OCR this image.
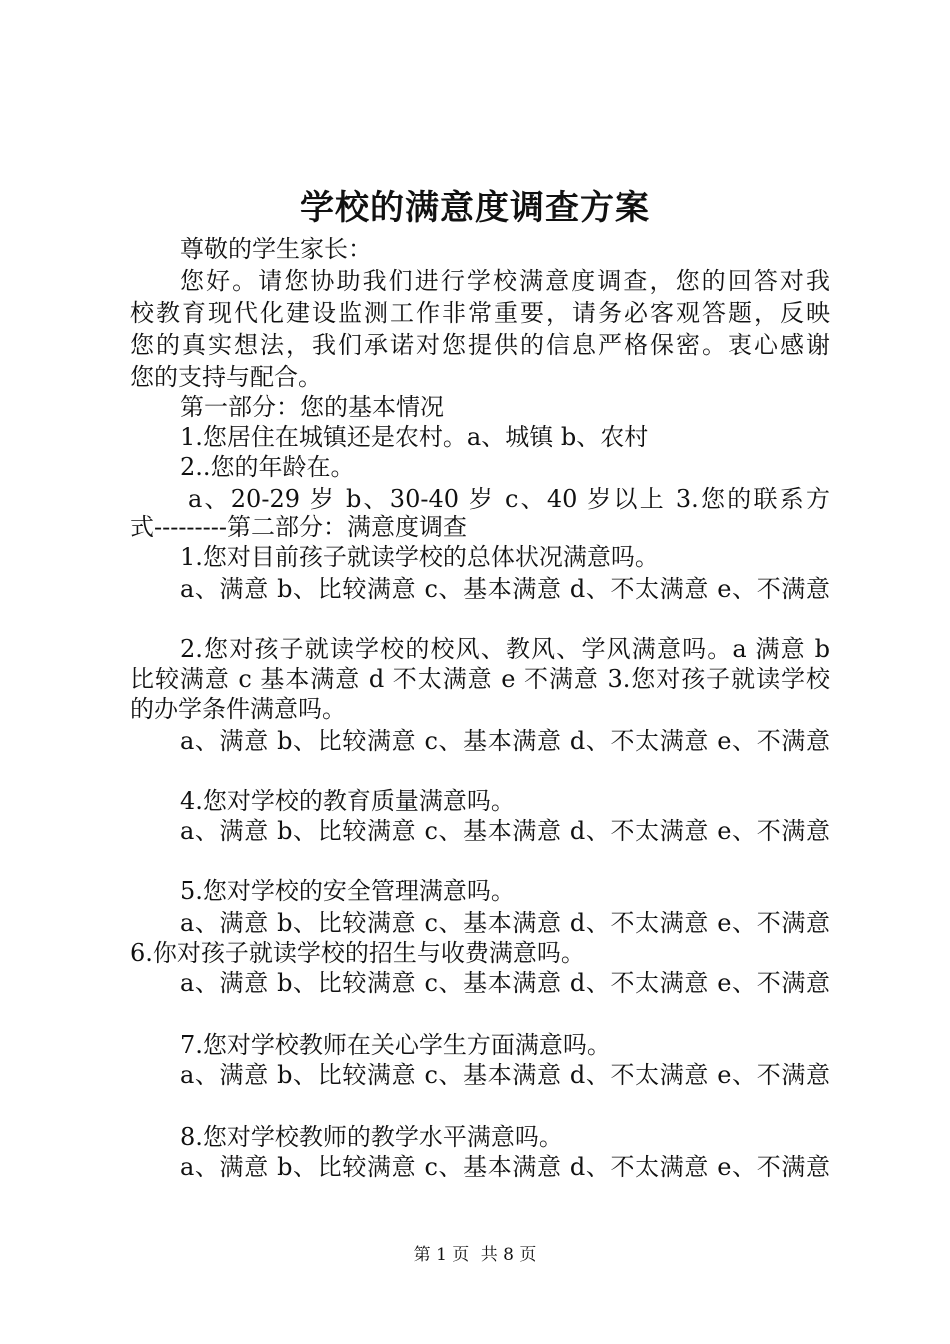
学校的满意度调查方案
尊敬的学生家长：
您好。请您协助我们进行学校满意度调查，您的回答对我
校教育现代化建设监测工作非常重要，请务必客观答题，反映
您的真实想法，我们承诺对您提供的信息严格保密。衷心感谢
您的支持与配合。
第一部分：您的基本情况
1.您居住在城镇还是农村。a、城镇 b、农村
2..您的年龄在。
a、20-29 岁 b、30-40 岁 c、40 岁以上 3.您的联系方
式---------第二部分：满意度调查
1.您对目前孩子就读学校的总体状况满意吗。
a、满意 b、比较满意 c、基本满意 d、不太满意 e、不满意
2.您对孩子就读学校的校风、教风、学风满意吗。a 满意 b
比较满意 c 基本满意 d 不太满意 e 不满意 3.您对孩子就读学校
的办学条件满意吗。
a、满意 b、比较满意 c、基本满意 d、不太满意 e、不满意
4.您对学校的教育质量满意吗。
a、满意 b、比较满意 c、基本满意 d、不太满意 e、不满意
5.您对学校的安全管理满意吗。
a、满意 b、比较满意 c、基本满意 d、不太满意 e、不满意
6.你对孩子就读学校的招生与收费满意吗。
a、满意 b、比较满意 c、基本满意 d、不太满意 e、不满意
7.您对学校教师在关心学生方面满意吗。
a、满意 b、比较满意 c、基本满意 d、不太满意 e、不满意
8.您对学校教师的教学水平满意吗。
a、满意 b、比较满意 c、基本满意 d、不太满意 e、不满意
第 1 页 共 8 页
